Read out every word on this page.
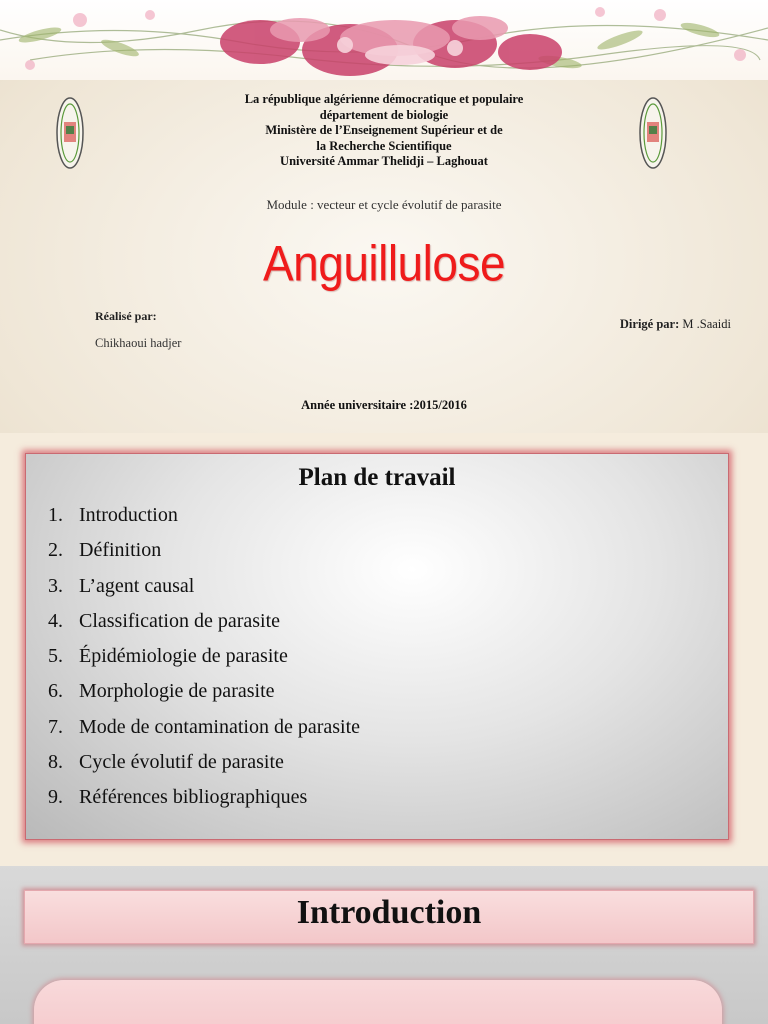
La république algérienne démocratique et populaire
département de biologie
Ministère de l’Enseignement Supérieur et de
la Recherche Scientifique
Université Ammar Thelidji – Laghouat
Module : vecteur et cycle évolutif de parasite
Anguillulose
Réalisé par:
Chikhaoui hadjer
Dirigé par: M .Saaidi
Année universitaire :2015/2016
Plan de travail
1. Introduction
2. Définition
3. L’agent causal
4. Classification de parasite
5. Épidémiologie de parasite
6. Morphologie de parasite
7. Mode de contamination de parasite
8. Cycle évolutif de parasite
9. Références bibliographiques
Introduction
